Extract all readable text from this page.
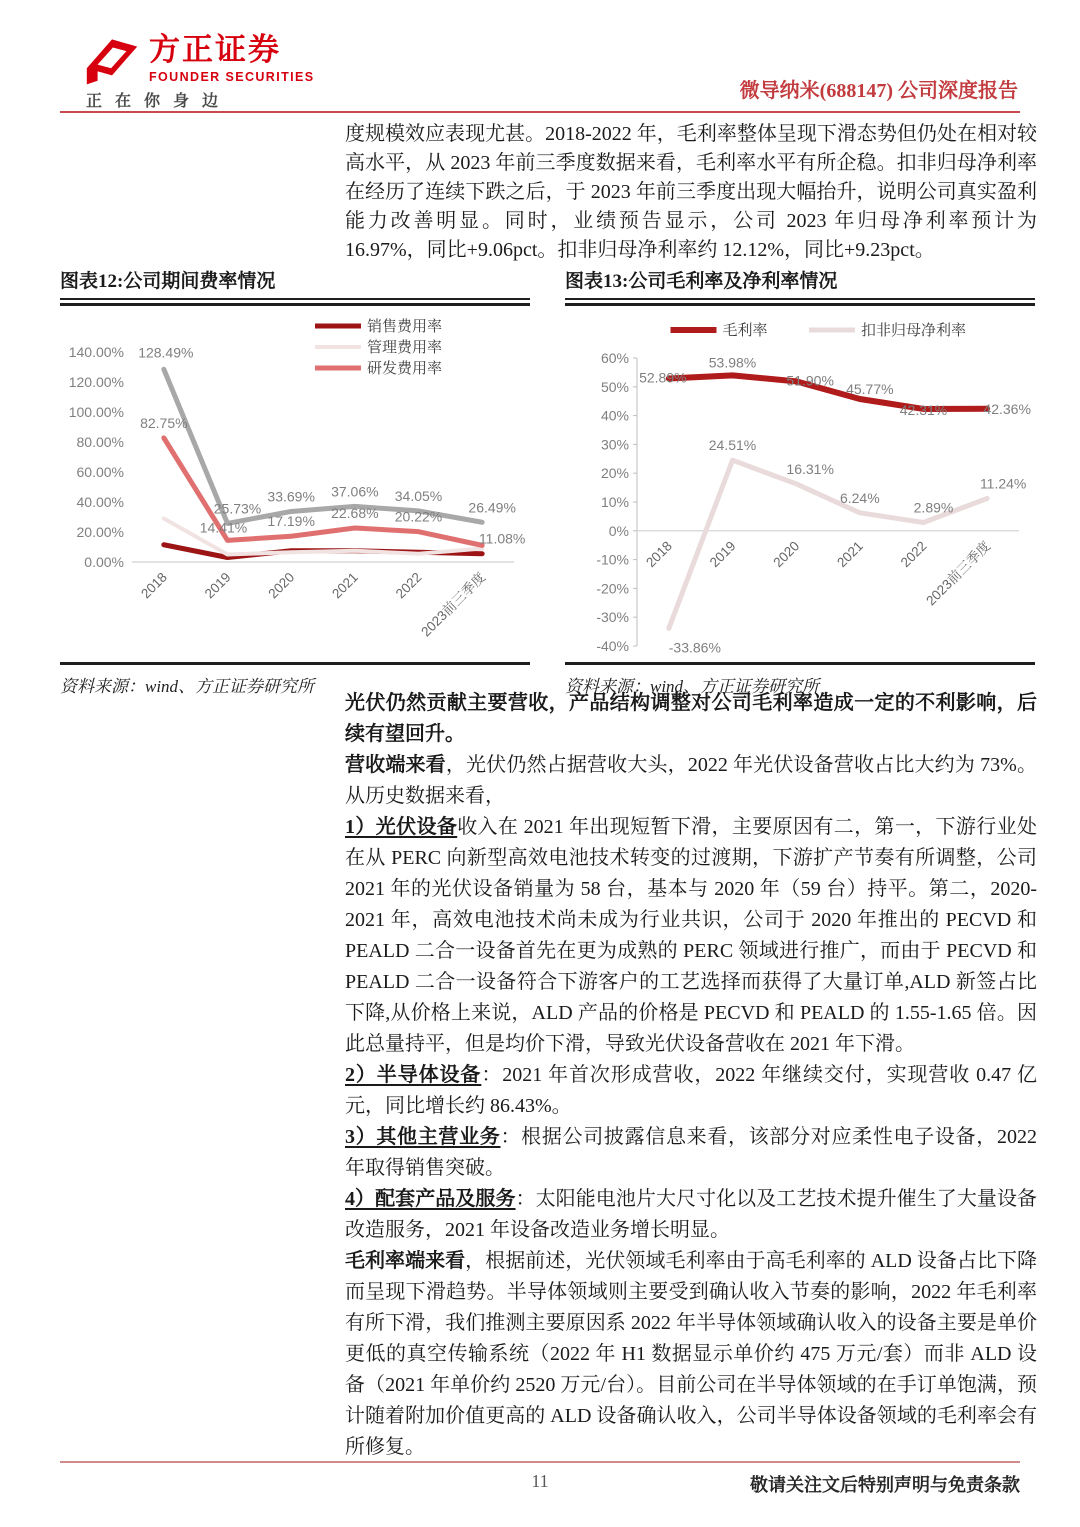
方正证券
FOUNDER SECURITIES
正在你身边	微导纳米(688147) 公司深度报告

度规模效应表现尤甚。2018-2022 年，毛利率整体呈现下滑态势但仍处在相对较高水平，从 2023 年前三季度数据来看，毛利率水平有所企稳。扣非归母净利率在经历了连续下跌之后，于 2023 年前三季度出现大幅抬升，说明公司真实盈利能力改善明显。同时，业绩预告显示，公司 2023 年归母净利率预计为 16.97%，同比+9.06pct。扣非归母净利率约 12.12%，同比+9.23pct。

图表12:公司期间费率情况
140.00%
120.00%
100.00%
80.00%
60.00%
40.00%
20.00%
0.00%
2018 2019 2020 2021 2022
2023前三季度
82.75%
14.41% 17.19%
22.68% 20.22%
11.08%
128.49%
25.73%
33.69% 37.06% 34.05%
26.49%
销售费用率
管理费用率
研发费用率
资料来源：wind、方正证券研究所
图表13:公司毛利率及净利率情况
60%
50%
40%
30%
20%
10%
0%
-10%
-20%
-30%
-40%
2018 2019 2020 2021 2022
2023前三季度
52.89%
53.98%
51.90%
45.77%
42.31%	42.36%
-33.86%
24.51%
16.31%
6.24%
2.89%
11.24%
毛利率	扣非归母净利率
资料来源：wind、方正证券研究所

光伏仍然贡献主要营收，产品结构调整对公司毛利率造成一定的不利影响，后续有望回升。

营收端来看，光伏仍然占据营收大头，2022 年光伏设备营收占比大约为 73%。从历史数据来看，

1）光伏设备收入在 2021 年出现短暂下滑，主要原因有二，第一，下游行业处在从 PERC 向新型高效电池技术转变的过渡期，下游扩产节奏有所调整，公司 2021 年的光伏设备销量为 58 台，基本与 2020 年（59 台）持平。第二，2020-2021 年，高效电池技术尚未成为行业共识，公司于 2020 年推出的 PECVD 和 PEALD 二合一设备首先在更为成熟的 PERC 领域进行推广，而由于 PECVD 和 PEALD 二合一设备符合下游客户的工艺选择而获得了大量订单,ALD 新签占比下降,从价格上来说，ALD 产品的价格是 PECVD 和 PEALD 的 1.55-1.65 倍。因此总量持平，但是均价下滑，导致光伏设备营收在 2021 年下滑。

2）半导体设备：2021 年首次形成营收，2022 年继续交付，实现营收 0.47 亿元，同比增长约 86.43%。

3）其他主营业务：根据公司披露信息来看，该部分对应柔性电子设备，2022 年取得销售突破。

4）配套产品及服务：太阳能电池片大尺寸化以及工艺技术提升催生了大量设备改造服务，2021 年设备改造业务增长明显。

毛利率端来看，根据前述，光伏领域毛利率由于高毛利率的 ALD 设备占比下降而呈现下滑趋势。半导体领域则主要受到确认收入节奏的影响，2022 年毛利率有所下滑，我们推测主要原因系 2022 年半导体领域确认收入的设备主要是单价更低的真空传输系统（2022 年 H1 数据显示单价约 475 万元/套）而非 ALD 设备（2021 年单价约 2520 万元/台）。目前公司在半导体领域的在手订单饱满，预计随着附加价值更高的 ALD 设备确认收入，公司半导体设备领域的毛利率会有所修复。

11	敬请关注文后特别声明与免责条款
